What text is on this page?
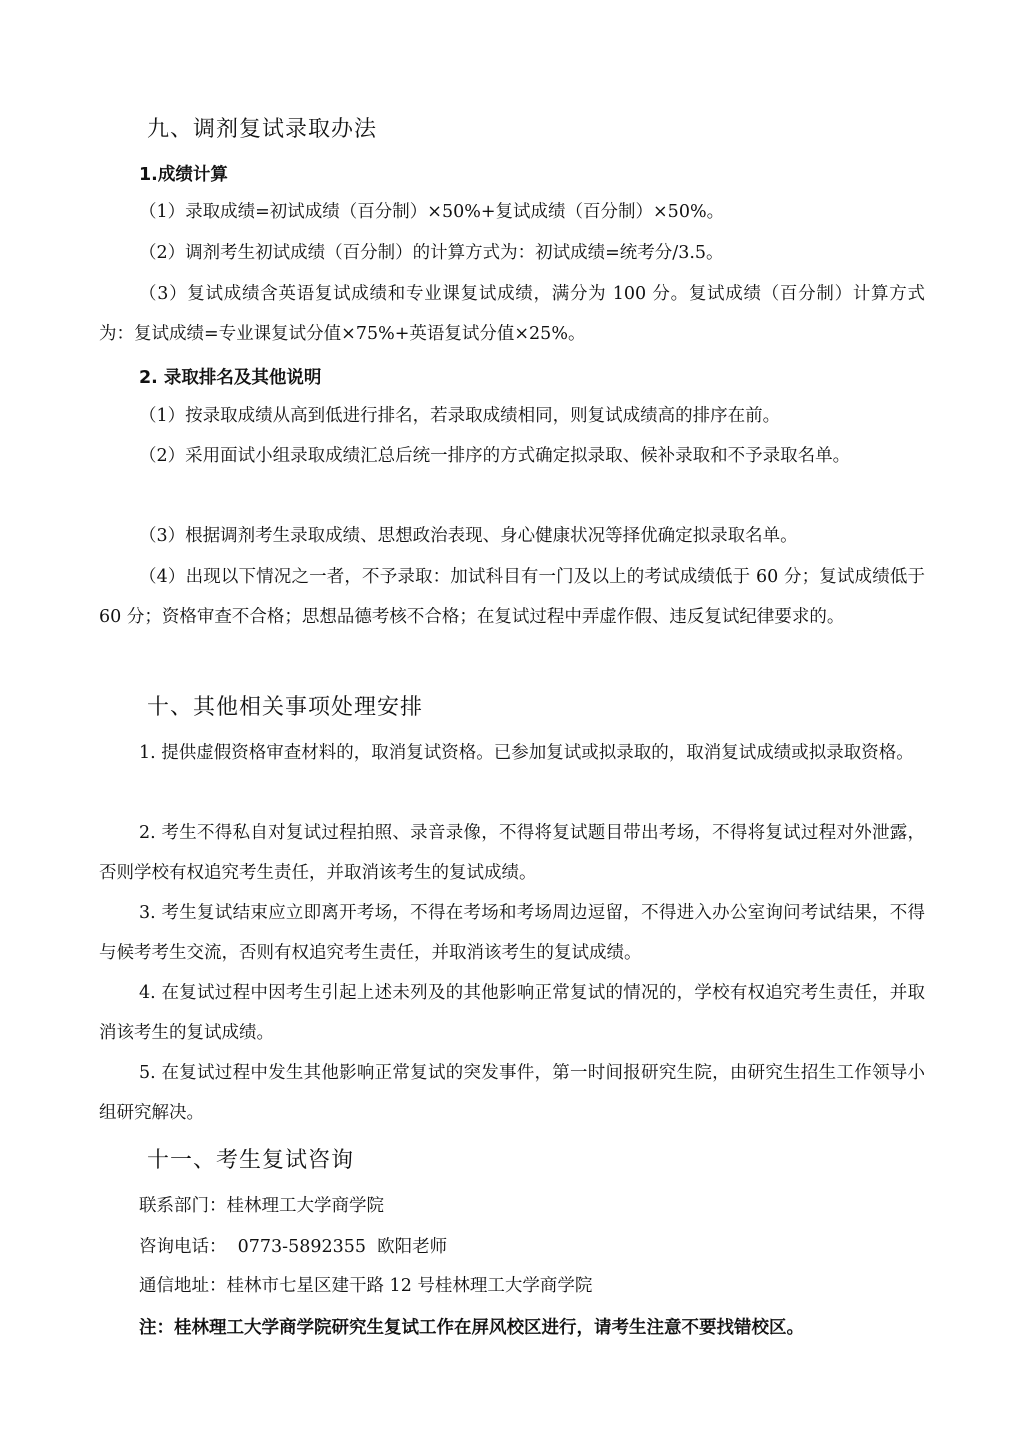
九、调剂复试录取办法
1.成绩计算
（1）录取成绩=初试成绩（百分制）×50%+复试成绩（百分制）×50%。
（2）调剂考生初试成绩（百分制）的计算方式为：初试成绩=统考分/3.5。
（3）复试成绩含英语复试成绩和专业课复试成绩，满分为 100 分。复试成绩（百分制）计算方式为：复试成绩=专业课复试分值×75%+英语复试分值×25%。
2. 录取排名及其他说明
（1）按录取成绩从高到低进行排名，若录取成绩相同，则复试成绩高的排序在前。
（2）采用面试小组录取成绩汇总后统一排序的方式确定拟录取、候补录取和不予录取名单。
（3）根据调剂考生录取成绩、思想政治表现、身心健康状况等择优确定拟录取名单。
（4）出现以下情况之一者，不予录取：加试科目有一门及以上的考试成绩低于 60 分；复试成绩低于 60 分；资格审查不合格；思想品德考核不合格；在复试过程中弄虚作假、违反复试纪律要求的。
十、其他相关事项处理安排
1. 提供虚假资格审查材料的，取消复试资格。已参加复试或拟录取的，取消复试成绩或拟录取资格。
2. 考生不得私自对复试过程拍照、录音录像，不得将复试题目带出考场，不得将复试过程对外泄露，否则学校有权追究考生责任，并取消该考生的复试成绩。
3. 考生复试结束应立即离开考场，不得在考场和考场周边逗留，不得进入办公室询问考试结果，不得与候考考生交流，否则有权追究考生责任，并取消该考生的复试成绩。
4. 在复试过程中因考生引起上述未列及的其他影响正常复试的情况的，学校有权追究考生责任，并取消该考生的复试成绩。
5. 在复试过程中发生其他影响正常复试的突发事件，第一时间报研究生院，由研究生招生工作领导小组研究解决。
十一、考生复试咨询
联系部门：桂林理工大学商学院
咨询电话：  0773-5892355  欧阳老师
通信地址：桂林市七星区建干路 12 号桂林理工大学商学院
注：桂林理工大学商学院研究生复试工作在屏风校区进行，请考生注意不要找错校区。
